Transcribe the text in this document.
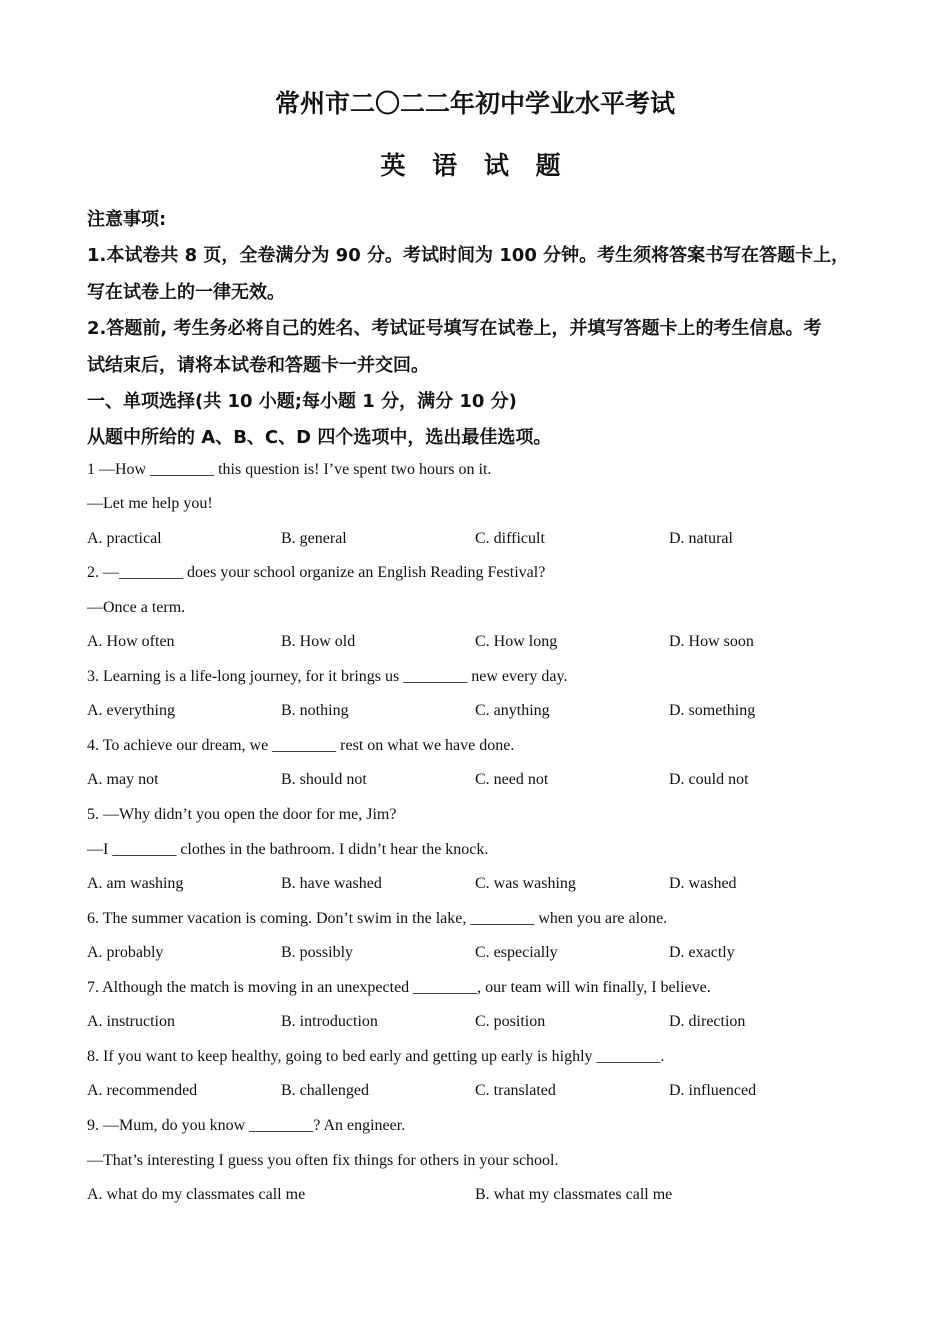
常州市二〇二二年初中学业水平考试
英 语 试 题
注意事项:
1.本试卷共 8 页，全卷满分为 90 分。考试时间为 100 分钟。考生须将答案书写在答题卡上，
写在试卷上的一律无效。
2.答题前, 考生务必将自己的姓名、考试证号填写在试卷上，并填写答题卡上的考生信息。考
试结束后，请将本试卷和答题卡一并交回。
一、单项选择(共 10 小题;每小题 1 分，满分 10 分)
从题中所给的 A、B、C、D 四个选项中，选出最佳选项。
1 —How ________ this question is! I’ve spent two hours on it.
—Let me help you!
A. practical	B. general	C. difficult	D. natural
2. —________ does your school organize an English Reading Festival?
—Once a term.
A. How often	B. How old	C. How long	D. How soon
3. Learning is a life-long journey, for it brings us ________ new every day.
A. everything	B. nothing	C. anything	D. something
4. To achieve our dream, we ________ rest on what we have done.
A. may not	B. should not	C. need not	D. could not
5. —Why didn’t you open the door for me, Jim?
—I ________ clothes in the bathroom. I didn’t hear the knock.
A. am washing	B. have washed	C. was washing	D. washed
6. The summer vacation is coming. Don’t swim in the lake, ________ when you are alone.
A. probably	B. possibly	C. especially	D. exactly
7. Although the match is moving in an unexpected ________, our team will win finally, I believe.
A. instruction	B. introduction	C. position	D. direction
8. If you want to keep healthy, going to bed early and getting up early is highly ________.
A. recommended	B. challenged	C. translated	D. influenced
9. —Mum, do you know ________? An engineer.
—That’s interesting I guess you often fix things for others in your school.
A. what do my classmates call me	B. what my classmates call me
